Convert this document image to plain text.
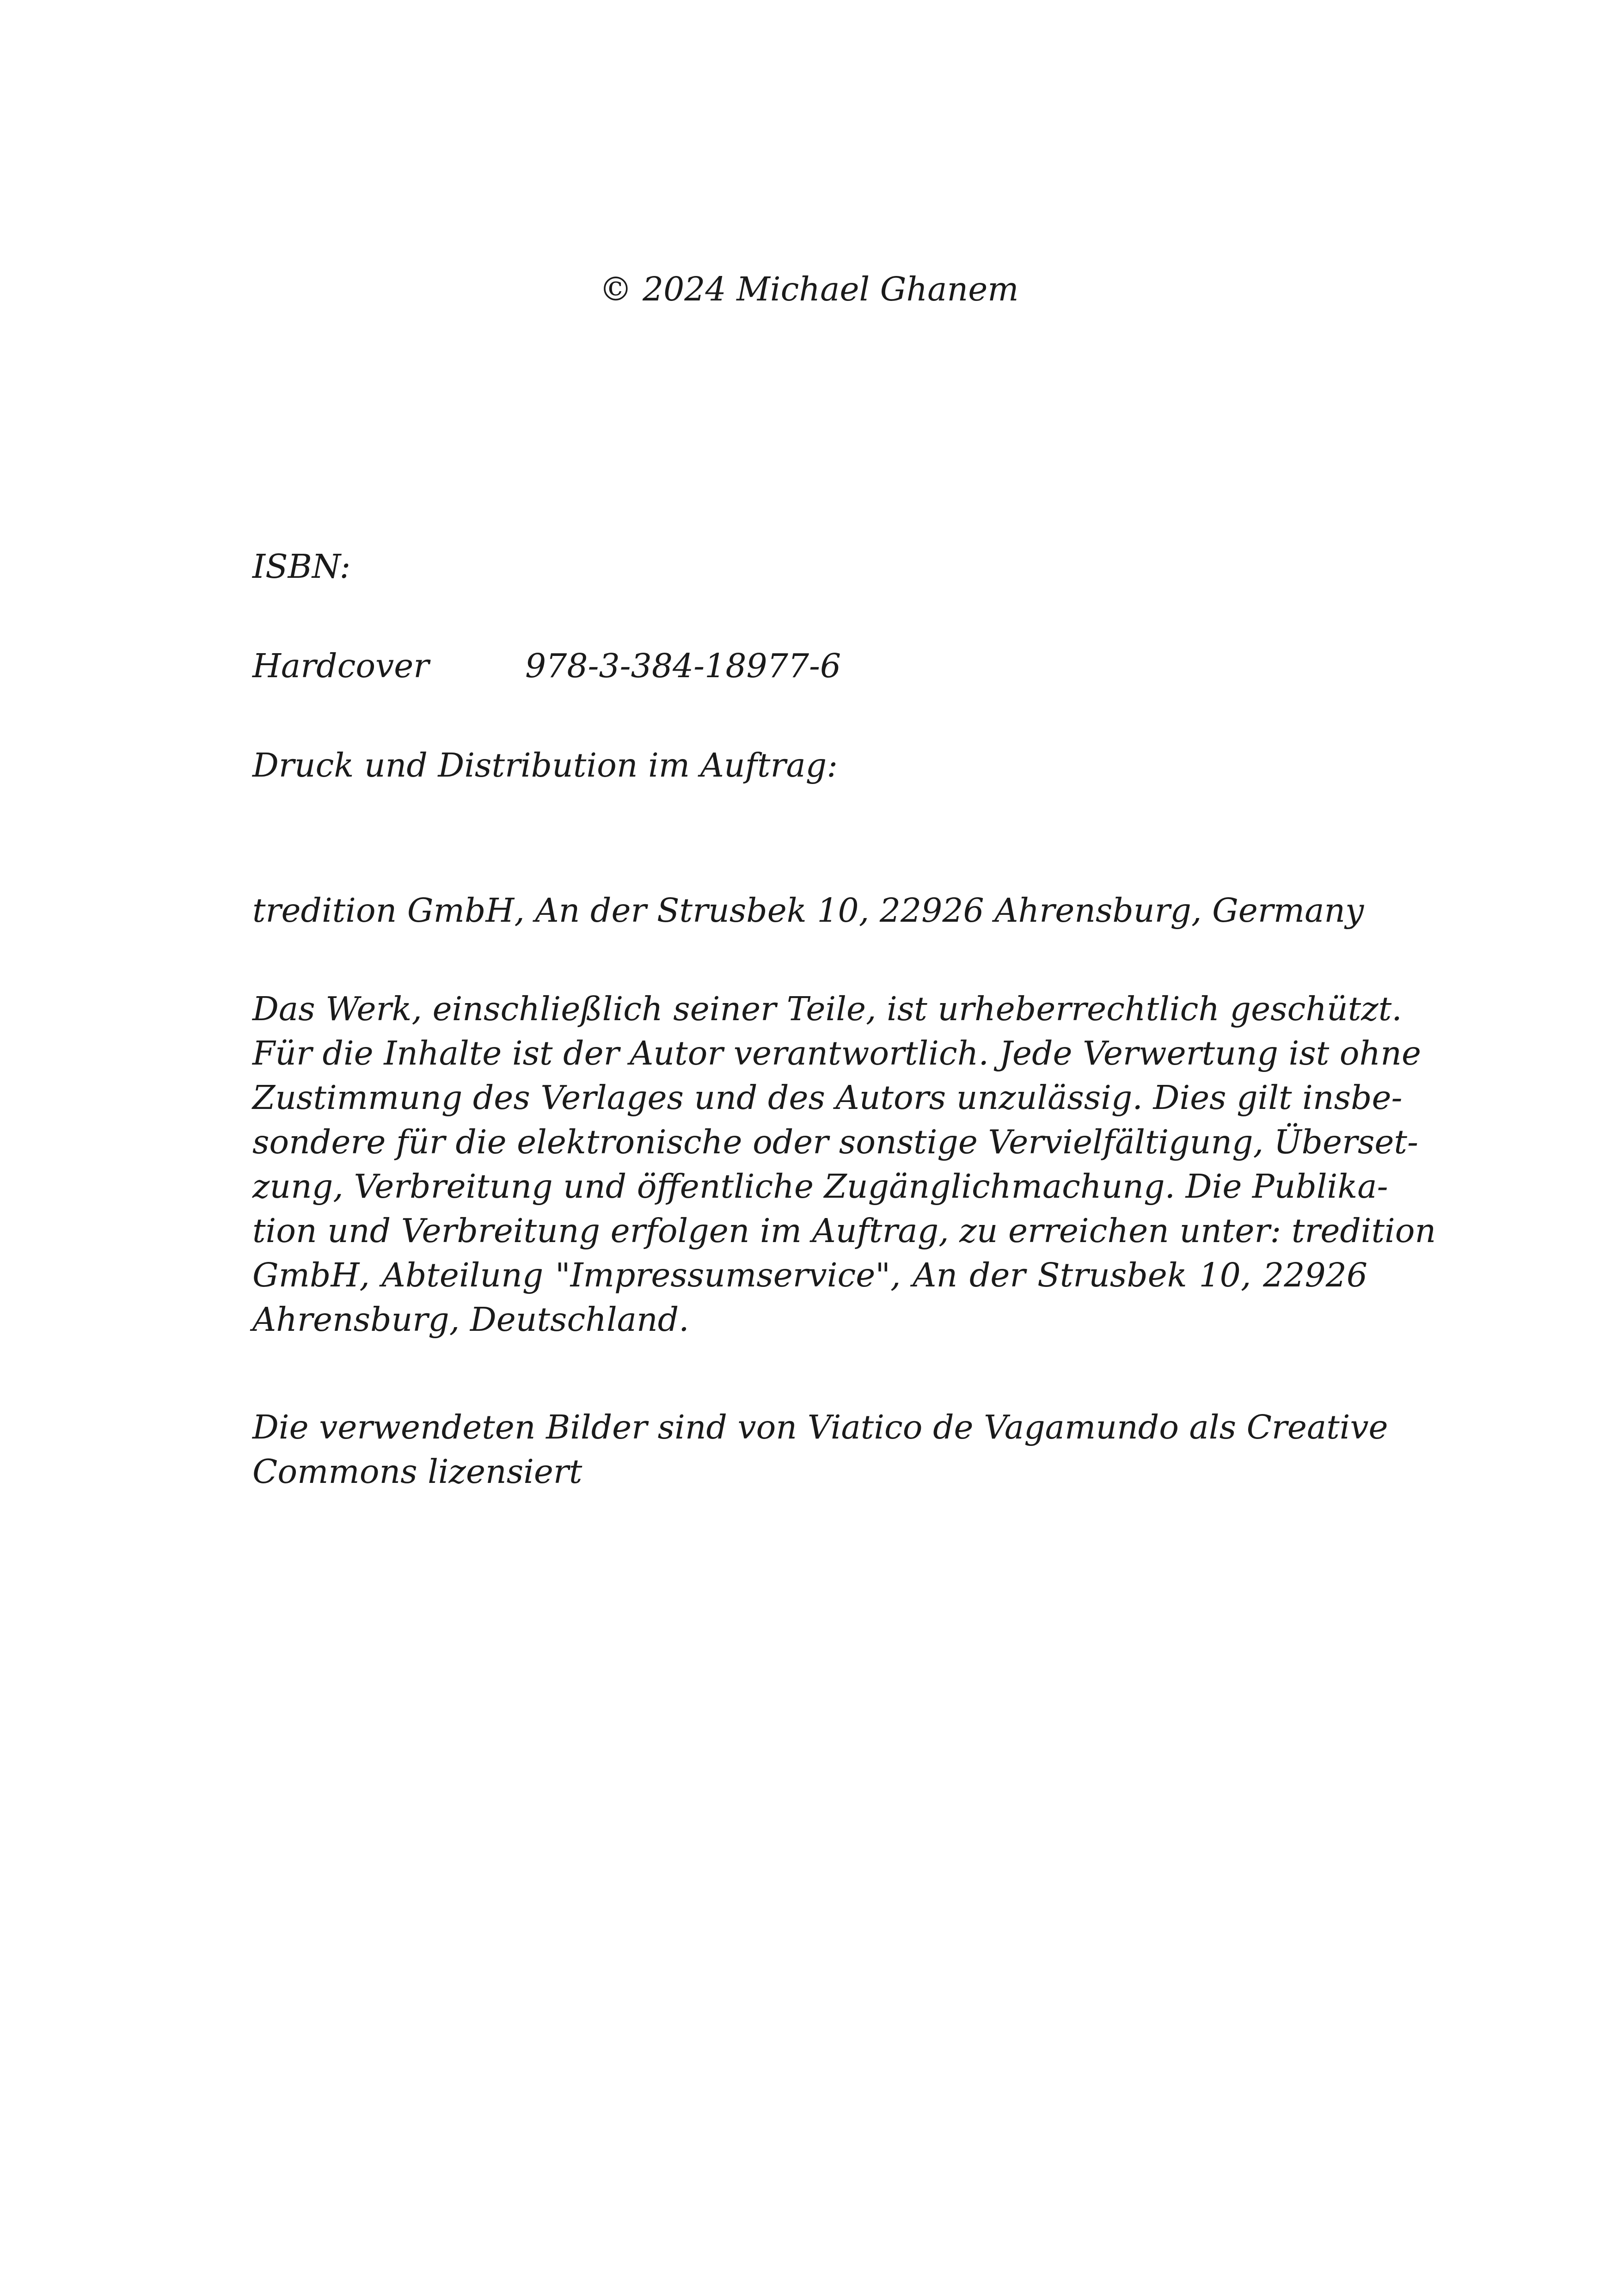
© 2024 Michael Ghanem

ISBN:

Hardcover	978-3-384-18977-6

Druck und Distribution im Auftrag:

tredition GmbH, An der Strusbek 10, 22926 Ahrensburg, Germany

Das Werk, einschließlich seiner Teile, ist urheberrechtlich geschützt.
Für die Inhalte ist der Autor verantwortlich. Jede Verwertung ist ohne
Zustimmung des Verlages und des Autors unzulässig. Dies gilt insbe-
sondere für die elektronische oder sonstige Vervielfältigung, Überset-
zung, Verbreitung und öffentliche Zugänglichmachung. Die Publika-
tion und Verbreitung erfolgen im Auftrag, zu erreichen unter: tredition
GmbH, Abteilung "Impressumservice", An der Strusbek 10, 22926
Ahrensburg, Deutschland.
Die verwendeten Bilder sind von Viatico de Vagamundo als Creative
Commons lizensiert
